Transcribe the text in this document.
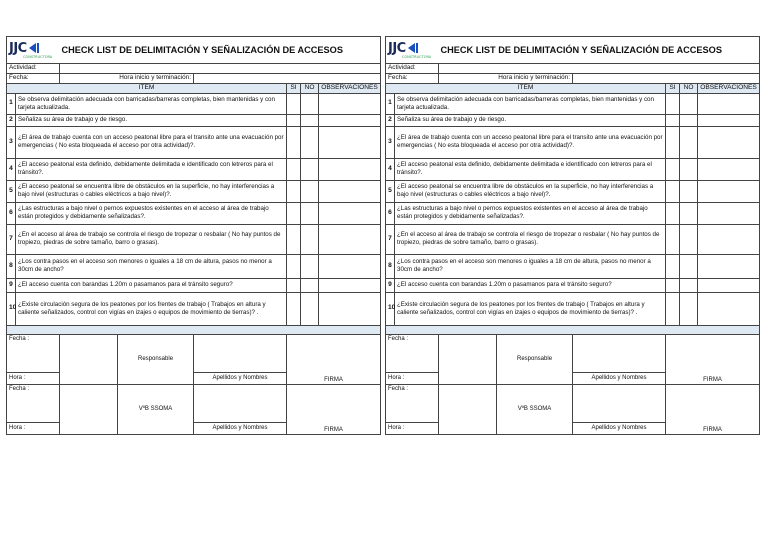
JJC
CONSTRUCTORA		CHECK LIST DE DELIMITACIÓN Y SEÑALIZACIÓN DE ACCESOS					
Actividad:							
Fecha:		Hora inicio y terminación:					
ITEM					SI	NO	OBSERVACIONES
1	Se observa delimitación adecuada con barricadas/barreras completas, bien mantenidas y con tarjeta actualizada.						
2	Señaliza su área de trabajo y de riesgo.						
3	¿El área de trabajo cuenta con un acceso peatonal libre para el transito ante una evacuación por emergencias ( No esta bloqueada el acceso por otra actividad)?.						
4	¿El acceso peatonal esta definido, debidamente delimitada e identificado con letreros para el tránsito?.						
5	¿El acceso peatonal se encuentra libre de obstáculos en la superficie, no hay interferencias a bajo nivel (estructuras o cables eléctricos a bajo nivel)?.						
6	¿Las estructuras a bajo nivel o pernos expuestos existentes en el acceso al área de trabajo están protegidos y debidamente señalizadas?.						
7	¿En el acceso al área de trabajo se controla el riesgo de tropezar o resbalar ( No hay puntos de tropiezo, piedras de sobre tamaño, barro o grasas).						
8	¿Los contra pasos en el acceso son menores o iguales a 18 cm de altura, pasos no menor a 30cm de ancho?						
9	¿El acceso cuenta con barandas 1.20m o pasamanos para el tránsito seguro?						
10	¿Existe circulación segura de los peatones por los frentes de trabajo ( Trabajos en altura y caliente señalizados, control con vigías en izajes o equipos de movimiento de tierras)? .						

Fecha :			Responsable		FIRMA		
Hora :				Apellidos y Nombres			
Fecha :			VºB SSOMA		FIRMA		
Hora :				Apellidos y Nombres			
JJC
CONSTRUCTORA		CHECK LIST DE DELIMITACIÓN Y SEÑALIZACIÓN DE ACCESOS					
Actividad:							
Fecha:		Hora inicio y terminación:					
ITEM					SI	NO	OBSERVACIONES
1	Se observa delimitación adecuada con barricadas/barreras completas, bien mantenidas y con tarjeta actualizada.						
2	Señaliza su área de trabajo y de riesgo.						
3	¿El área de trabajo cuenta con un acceso peatonal libre para el transito ante una evacuación por emergencias ( No esta bloqueada el acceso por otra actividad)?.						
4	¿El acceso peatonal esta definido, debidamente delimitada e identificado con letreros para el tránsito?.						
5	¿El acceso peatonal se encuentra libre de obstáculos en la superficie, no hay interferencias a bajo nivel (estructuras o cables eléctricos a bajo nivel)?.						
6	¿Las estructuras a bajo nivel o pernos expuestos existentes en el acceso al área de trabajo están protegidos y debidamente señalizadas?.						
7	¿En el acceso al área de trabajo se controla el riesgo de tropezar o resbalar ( No hay puntos de tropiezo, piedras de sobre tamaño, barro o grasas).						
8	¿Los contra pasos en el acceso son menores o iguales a 18 cm de altura, pasos no menor a 30cm de ancho?						
9	¿El acceso cuenta con barandas 1.20m o pasamanos para el tránsito seguro?						
10	¿Existe circulación segura de los peatones por los frentes de trabajo ( Trabajos en altura y caliente señalizados, control con vigías en izajes o equipos de movimiento de tierras)? .						

Fecha :			Responsable		FIRMA		
Hora :				Apellidos y Nombres			
Fecha :			VºB SSOMA		FIRMA		
Hora :				Apellidos y Nombres			
